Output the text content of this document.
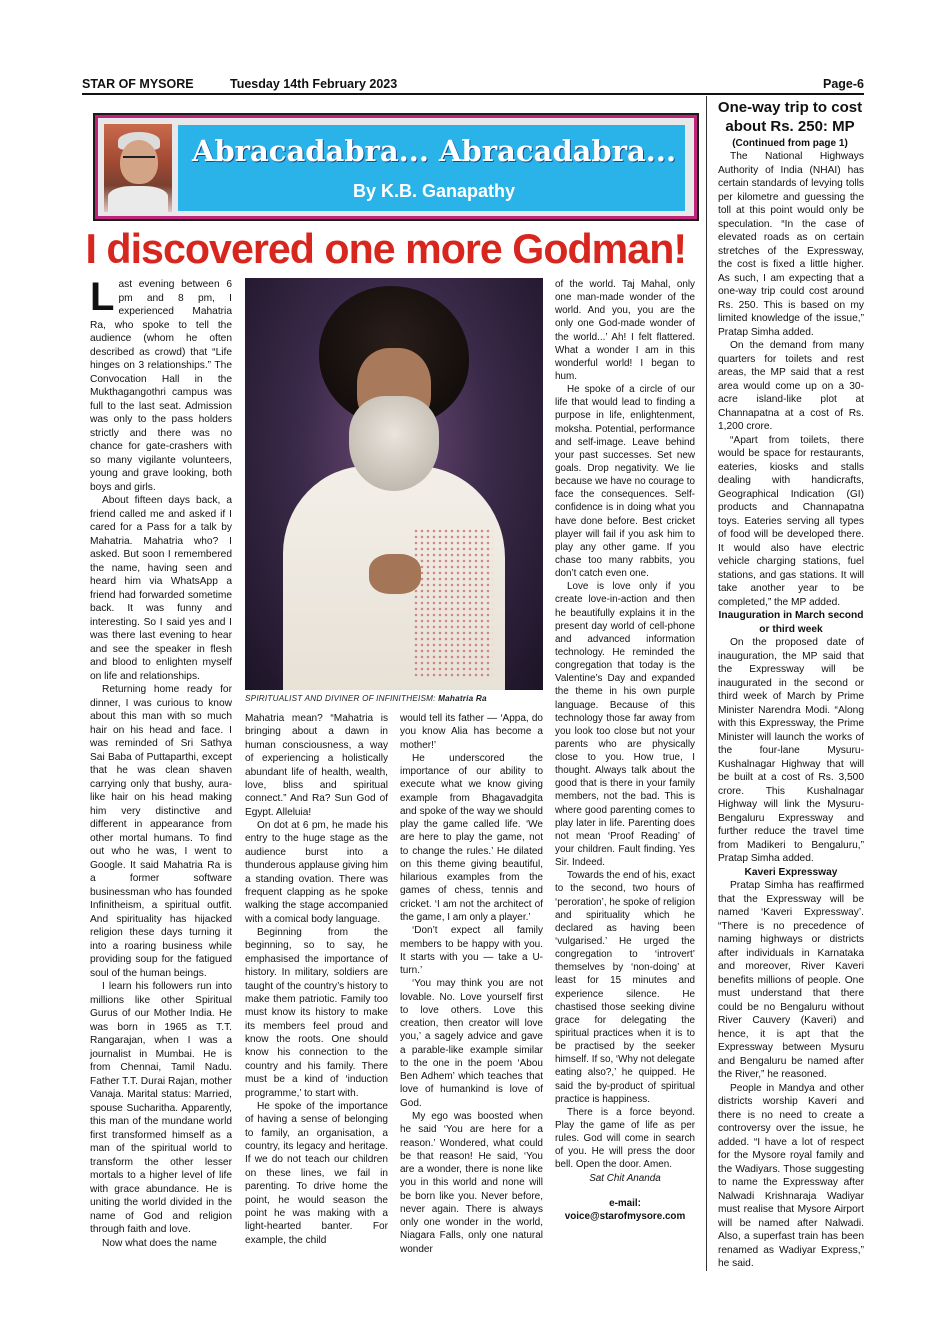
STAR OF MYSORE	Tuesday 14th February 2023	Page-6
Abracadabra... Abracadabra...
By K.B. Ganapathy
I discovered one more Godman!

Last evening between 6 pm and 8 pm, I experienced Mahatria Ra, who spoke to tell the audience (whom he often described as crowd) that “Life hinges on 3 relationships.” The Convocation Hall in the Mukthagangothri campus was full to the last seat. Admission was only to the pass holders strictly and there was no chance for gate-crashers with so many vigilante volunteers, young and grave looking, both boys and girls.

About fifteen days back, a friend called me and asked if I cared for a Pass for a talk by Mahatria. Mahatria who? I asked. But soon I remembered the name, having seen and heard him via WhatsApp a friend had forwarded sometime back. It was funny and interesting. So I said yes and I was there last evening to hear and see the speaker in flesh and blood to enlighten myself on life and relationships.

Returning home ready for dinner, I was curious to know about this man with so much hair on his head and face. I was reminded of Sri Sathya Sai Baba of Puttaparthi, except that he was clean shaven carrying only that bushy, aura-like hair on his head making him very distinctive and different in appearance from other mortal humans. To find out who he was, I went to Google. It said Mahatria Ra is a former software businessman who has founded Infinitheism, a spiritual outfit. And spirituality has hijacked religion these days turning it into a roaring business while providing soup for the fatigued soul of the human beings.

I learn his followers run into millions like other Spiritual Gurus of our Mother India. He was born in 1965 as T.T. Rangarajan, when I was a journalist in Mumbai. He is from Chennai, Tamil Nadu. Father T.T. Durai Rajan, mother Vanaja. Marital status: Married, spouse Sucharitha. Apparently, this man of the mundane world first transformed himself as a man of the spiritual world to transform the other lesser mortals to a higher level of life with grace abundance. He is uniting the world divided in the name of God and religion through faith and love.

Now what does the name

SPIRITUALIST AND DIVINER OF INFINITHEISM: Mahatria Ra

Mahatria mean? “Mahatria is bringing about a dawn in human consciousness, a way of experiencing a holistically abundant life of health, wealth, love, bliss and spiritual connect.” And Ra? Sun God of Egypt. Alleluia!

On dot at 6 pm, he made his entry to the huge stage as the audience burst into a thunderous applause giving him a standing ovation. There was frequent clapping as he spoke walking the stage accompanied with a comical body language.

Beginning from the beginning, so to say, he emphasised the importance of history. In military, soldiers are taught of the country’s history to make them patriotic. Family too must know its history to make its members feel proud and know the roots. One should know his connection to the country and his family. There must be a kind of ‘induction programme,’ to start with.

He spoke of the importance of having a sense of belonging to family, an organisation, a country, its legacy and heritage. If we do not teach our children on these lines, we fail in parenting. To drive home the point, he would season the point he was making with a light-hearted banter. For example, the child

would tell its father — ‘Appa, do you know Alia has become a mother!’

He underscored the importance of our ability to execute what we know giving example from Bhagavadgita and spoke of the way we should play the game called life. ‘We are here to play the game, not to change the rules.’ He dilated on this theme giving beautiful, hilarious examples from the games of chess, tennis and cricket. ‘I am not the architect of the game, I am only a player.’

‘Don’t expect all family members to be happy with you. It starts with you — take a U-turn.’

‘You may think you are not lovable. No. Love yourself first to love others. Love this creation, then creator will love you,’ a sagely advice and gave a parable-like example similar to the one in the poem ‘Abou Ben Adhem’ which teaches that love of humankind is love of God.

My ego was boosted when he said ‘You are here for a reason.’ Wondered, what could be that reason! He said, ‘You are a wonder, there is none like you in this world and none will be born like you. Never before, never again. There is always only one wonder in the world, Niagara Falls, only one natural wonder

of the world. Taj Mahal, only one man-made wonder of the world. And you, you are the only one God-made wonder of the world...’ Ah! I felt flattered. What a wonder I am in this wonderful world! I began to hum.

He spoke of a circle of our life that would lead to finding a purpose in life, enlightenment, moksha. Potential, performance and self-image. Leave behind your past successes. Set new goals. Drop negativity. We lie because we have no courage to face the consequences. Self-confidence is in doing what you have done before. Best cricket player will fail if you ask him to play any other game. If you chase too many rabbits, you don’t catch even one.

Love is love only if you create love-in-action and then he beautifully explains it in the present day world of cell-phone and advanced information technology. He reminded the congregation that today is the Valentine’s Day and expanded the theme in his own purple language. Because of this technology those far away from you look too close but not your parents who are physically close to you. How true, I thought. Always talk about the good that is there in your family members, not the bad. This is where good parenting comes to play later in life. Parenting does not mean ‘Proof Reading’ of your children. Fault finding. Yes Sir. Indeed.

Towards the end of his, exact to the second, two hours of ‘peroration’, he spoke of religion and spirituality which he declared as having been ‘vulgarised.’ He urged the congregation to ‘introvert’ themselves by ‘non-doing’ at least for 15 minutes and experience silence. He chastised those seeking divine grace for delegating the spiritual practices when it is to be practised by the seeker himself. If so, ‘Why not delegate eating also?,’ he quipped. He said the by-product of spiritual practice is happiness.

There is a force beyond. Play the game of life as per rules. God will come in search of you. He will press the door bell. Open the door. Amen.

Sat Chit Ananda

e-mail:

voice@starofmysore.com

One-way trip to cost about Rs. 250: MP
(Continued from page 1)

The National Highways Authority of India (NHAI) has certain standards of levying tolls per kilometre and guessing the toll at this point would only be speculation. “In the case of elevated roads as on certain stretches of the Expressway, the cost is fixed a little higher. As such, I am expecting that a one-way trip could cost around Rs. 250. This is based on my limited knowledge of the issue,” Pratap Simha added.

On the demand from many quarters for toilets and rest areas, the MP said that a rest area would come up on a 30-acre island-like plot at Channapatna at a cost of Rs. 1,200 crore.

“Apart from toilets, there would be space for restaurants, eateries, kiosks and stalls dealing with handicrafts, Geographical Indication (GI) products and Channapatna toys. Eateries serving all types of food will be developed there. It would also have electric vehicle charging stations, fuel stations, and gas stations. It will take another year to be completed,” the MP added.

Inauguration in March second or third week

On the proposed date of inauguration, the MP said that the Expressway will be inaugurated in the second or third week of March by Prime Minister Narendra Modi. “Along with this Expressway, the Prime Minister will launch the works of the four-lane Mysuru-Kushalnagar Highway that will be built at a cost of Rs. 3,500 crore. This Kushalnagar Highway will link the Mysuru-Bengaluru Expressway and further reduce the travel time from Madikeri to Bengaluru,” Pratap Simha added.

Kaveri Expressway

Pratap Simha has reaffirmed that the Expressway will be named ‘Kaveri Expressway’. “There is no precedence of naming highways or districts after individuals in Karnataka and moreover, River Kaveri benefits millions of people. One must understand that there could be no Bengaluru without River Cauvery (Kaveri) and hence, it is apt that the Expressway between Mysuru and Bengaluru be named after the River,” he reasoned.

People in Mandya and other districts worship Kaveri and there is no need to create a controversy over the issue, he added. “I have a lot of respect for the Mysore royal family and the Wadiyars. Those suggesting to name the Expressway after Nalwadi Krishnaraja Wadiyar must realise that Mysore Airport will be named after Nalwadi. Also, a superfast train has been renamed as Wadiyar Express,” he said.
